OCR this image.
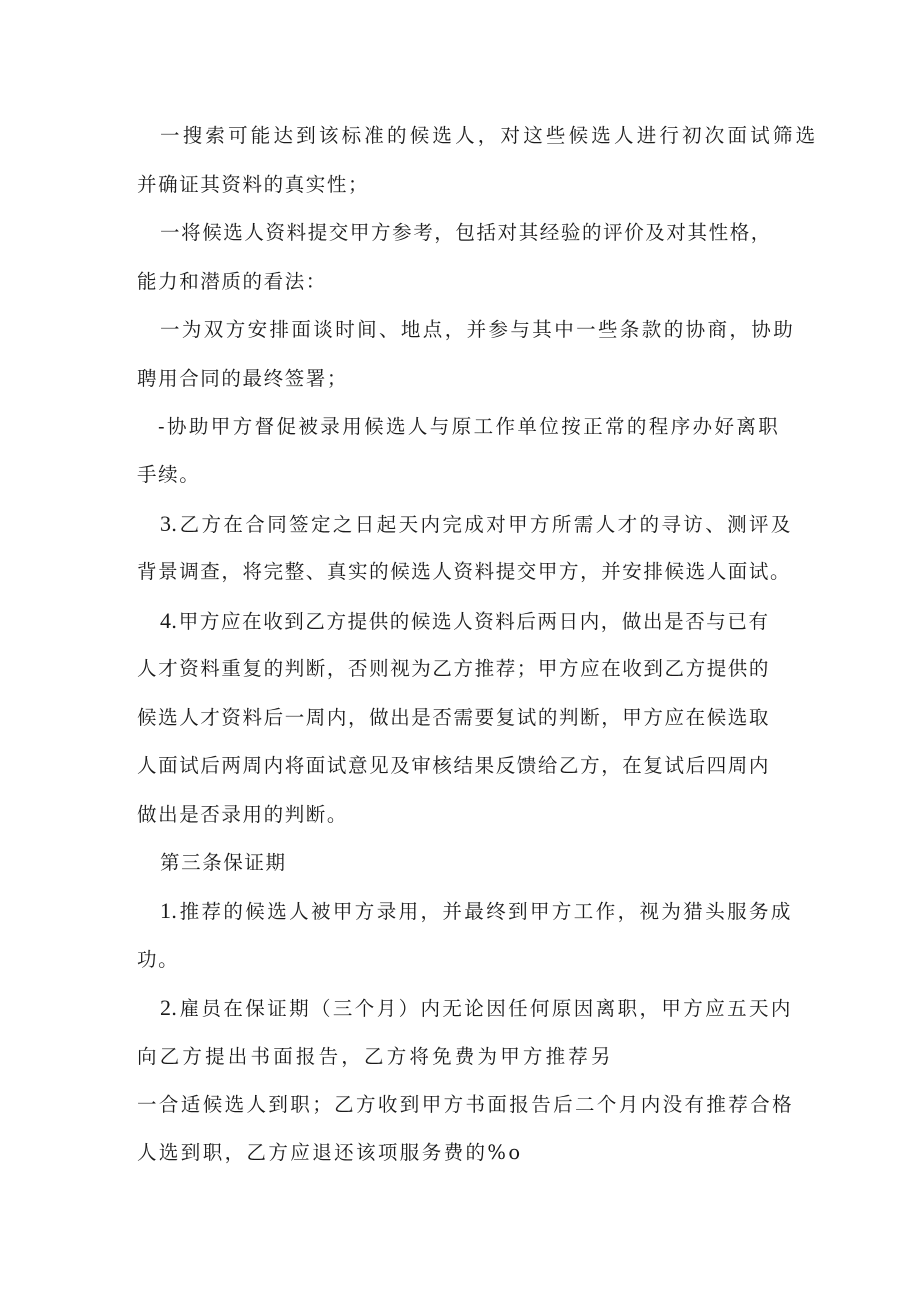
一搜索可能达到该标准的候选人，对这些候选人进行初次面试筛选
并确证其资料的真实性；
一将候选人资料提交甲方参考，包括对其经验的评价及对其性格，
能力和潜质的看法：
一为双方安排面谈时间、地点，并参与其中一些条款的协商，协助
聘用合同的最终签署；
-协助甲方督促被录用候选人与原工作单位按正常的程序办好离职
手续。
3.乙方在合同签定之日起天内完成对甲方所需人才的寻访、测评及
背景调查，将完整、真实的候选人资料提交甲方，并安排候选人面试。
4.甲方应在收到乙方提供的候选人资料后两日内，做出是否与已有
人才资料重复的判断，否则视为乙方推荐；甲方应在收到乙方提供的
候选人才资料后一周内，做出是否需要复试的判断，甲方应在候选取
人面试后两周内将面试意见及审核结果反馈给乙方，在复试后四周内
做出是否录用的判断。
第三条保证期
1.推荐的候选人被甲方录用，并最终到甲方工作，视为猎头服务成
功。
2.雇员在保证期（三个月）内无论因任何原因离职，甲方应五天内
向乙方提出书面报告，乙方将免费为甲方推荐另
一合适候选人到职；乙方收到甲方书面报告后二个月内没有推荐合格
人选到职，乙方应退还该项服务费的%o
